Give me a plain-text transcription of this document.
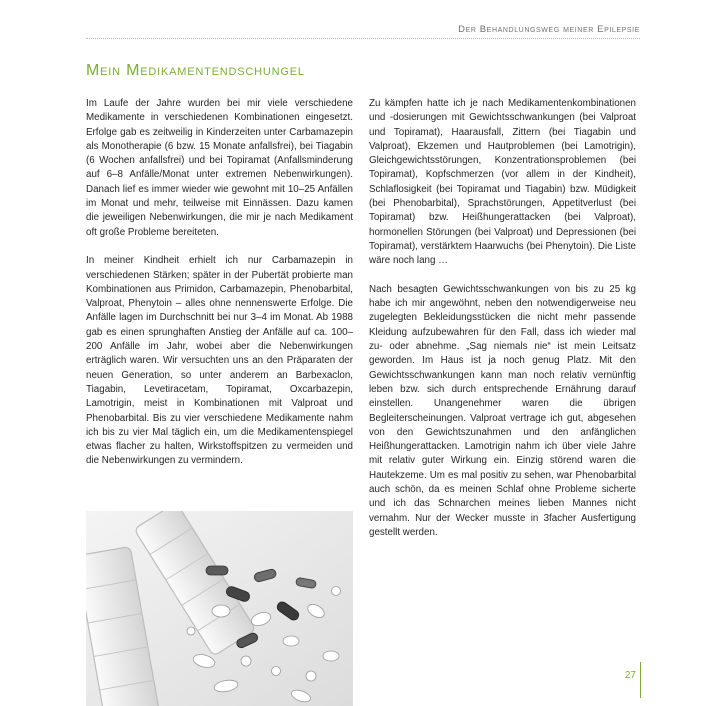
Der Behandlungsweg meiner Epilepsie
Mein Medikamentendschungel

Im Laufe der Jahre wurden bei mir viele verschiedene Medikamente in verschiedenen Kombinationen eingesetzt. Erfolge gab es zeitweilig in Kinderzeiten unter Carbamazepin als Monotherapie (6 bzw. 15 Monate anfallsfrei), bei Tiagabin (6 Wochen anfallsfrei) und bei Topiramat (Anfallsminderung auf 6–8 Anfälle/Monat unter extremen Nebenwirkungen). Danach lief es immer wieder wie gewohnt mit 10–25 Anfällen im Monat und mehr, teilweise mit Einnässen. Dazu kamen die jeweiligen Nebenwirkungen, die mir je nach Medikament oft große Probleme bereiteten.

In meiner Kindheit erhielt ich nur Carbamazepin in verschiedenen Stärken; später in der Pubertät probierte man Kombinationen aus Primidon, Carbamazepin, Phenobarbital, Valproat, Phenytoin – alles ohne nennenswerte Erfolge. Die Anfälle lagen im Durchschnitt bei nur 3–4 im Monat. Ab 1988 gab es einen sprunghaften Anstieg der Anfälle auf ca. 100–200 Anfälle im Jahr, wobei aber die Nebenwirkungen erträglich waren. Wir versuchten uns an den Präparaten der neuen Generation, so unter anderem an Barbexaclon, Tiagabin, Levetiracetam, Topiramat, Oxcarbazepin, Lamotrigin, meist in Kombinationen mit Valproat und Phenobarbital. Bis zu vier verschiedene Medikamente nahm ich bis zu vier Mal täglich ein, um die Medikamentenspiegel etwas flacher zu halten, Wirkstoffspitzen zu vermeiden und die Nebenwirkungen zu vermindern.

Zu kämpfen hatte ich je nach Medikamentenkombinationen und -dosierungen mit Gewichtsschwankungen (bei Valproat und Topiramat), Haarausfall, Zittern (bei Tiagabin und Valproat), Ekzemen und Hautproblemen (bei Lamotrigin), Gleichgewichtsstörungen, Konzentrationsproblemen (bei Topiramat), Kopfschmerzen (vor allem in der Kindheit), Schlaflosigkeit (bei Topiramat und Tiagabin) bzw. Müdigkeit (bei Phenobarbital), Sprachstörungen, Appetitverlust (bei Topiramat) bzw. Heißhungerattacken (bei Valproat), hormonellen Störungen (bei Valproat) und Depressionen (bei Topiramat), verstärktem Haarwuchs (bei Phenytoin). Die Liste wäre noch lang …

Nach besagten Gewichtsschwankungen von bis zu 25 kg habe ich mir angewöhnt, neben den notwendigerweise neu zugelegten Bekleidungsstücken die nicht mehr passende Kleidung aufzubewahren für den Fall, dass ich wieder mal zu- oder abnehme. „Sag niemals nie“ ist mein Leitsatz geworden. Im Haus ist ja noch genug Platz. Mit den Gewichtsschwankungen kann man noch relativ vernünftig leben bzw. sich durch entsprechende Ernährung darauf einstellen. Unangenehmer waren die übrigen Begleiterscheinungen. Valproat vertrage ich gut, abgesehen von den Gewichtszunahmen und den anfänglichen Heißhungerattacken. Lamotrigin nahm ich über viele Jahre mit relativ guter Wirkung ein. Einzig störend waren die Hautekzeme. Um es mal positiv zu sehen, war Phenobarbital auch schön, da es meinen Schlaf ohne Probleme sicherte und ich das Schnarchen meines lieben Mannes nicht vernahm. Nur der Wecker musste in 3facher Ausfertigung gestellt werden.

27
